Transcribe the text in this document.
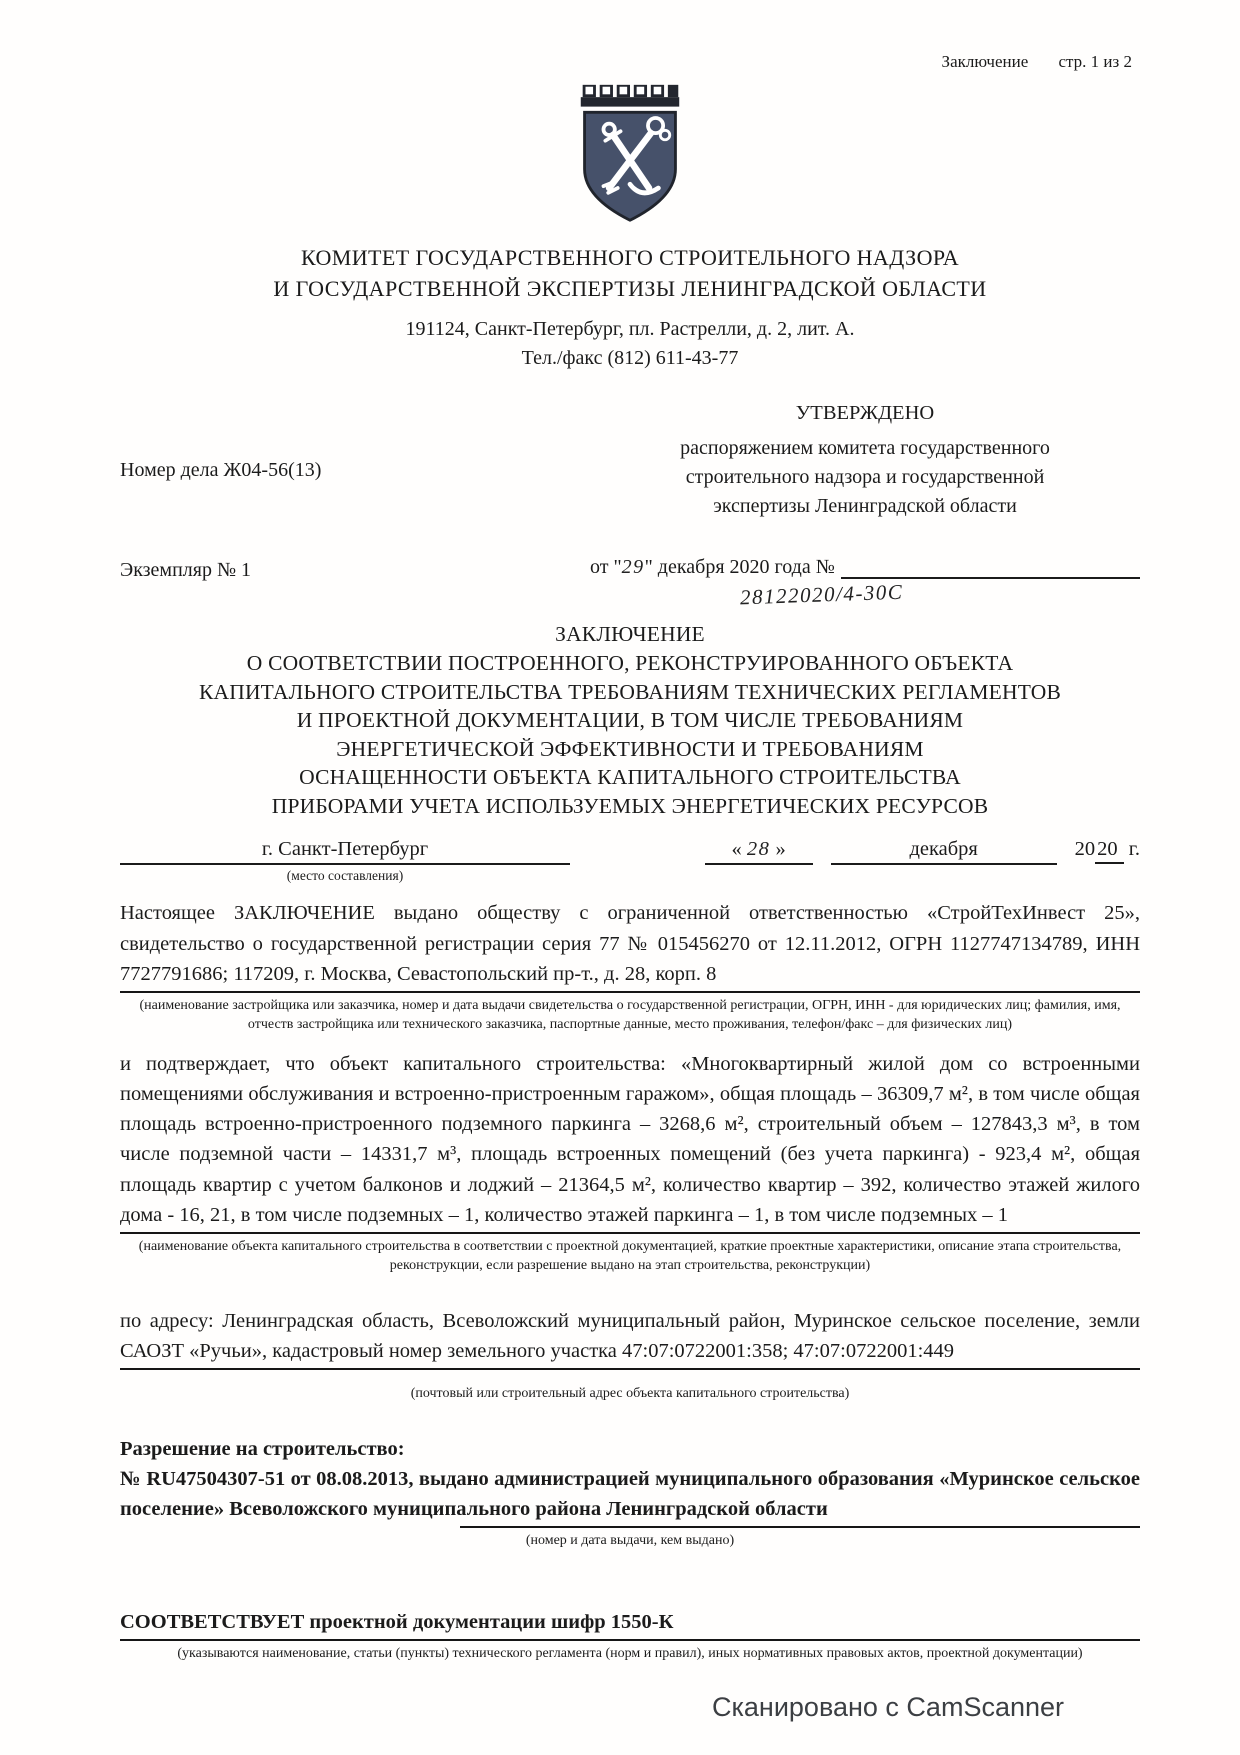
Заключение стр. 1 из 2
КОМИТЕТ ГОСУДАРСТВЕННОГО СТРОИТЕЛЬНОГО НАДЗОРА
И ГОСУДАРСТВЕННОЙ ЭКСПЕРТИЗЫ ЛЕНИНГРАДСКОЙ ОБЛАСТИ
191124, Санкт-Петербург, пл. Растрелли, д. 2, лит. А.
Тел./факс (812) 611-43-77
Номер дела Ж04-56(13)
УТВЕРЖДЕНО
распоряжением комитета государственного
строительного надзора и государственной
экспертизы Ленинградской области
Экземпляр № 1	от " 29 " декабря 2020 года №
28122020/4-30С
ЗАКЛЮЧЕНИЕ
О СООТВЕТСТВИИ ПОСТРОЕННОГО, РЕКОНСТРУИРОВАННОГО ОБЪЕКТА
КАПИТАЛЬНОГО СТРОИТЕЛЬСТВА ТРЕБОВАНИЯМ ТЕХНИЧЕСКИХ РЕГЛАМЕНТОВ
И ПРОЕКТНОЙ ДОКУМЕНТАЦИИ, В ТОМ ЧИСЛЕ ТРЕБОВАНИЯМ
ЭНЕРГЕТИЧЕСКОЙ ЭФФЕКТИВНОСТИ И ТРЕБОВАНИЯМ
ОСНАЩЕННОСТИ ОБЪЕКТА КАПИТАЛЬНОГО СТРОИТЕЛЬСТВА
ПРИБОРАМИ УЧЕТА ИСПОЛЬЗУЕМЫХ ЭНЕРГЕТИЧЕСКИХ РЕСУРСОВ
г. Санкт-Петербург
(место составления)
« 28 »	декабря	2020 г.

Настоящее ЗАКЛЮЧЕНИЕ выдано обществу с ограниченной ответственностью «СтройТехИнвест 25», свидетельство о государственной регистрации серия 77 № 015456270 от 12.11.2012, ОГРН 1127747134789, ИНН 7727791686; 117209, г. Москва, Севастопольский пр-т., д. 28, корп. 8

(наименование застройщика или заказчика, номер и дата выдачи свидетельства о государственной регистрации, ОГРН, ИНН - для юридических лиц; фамилия, имя, отчеств застройщика или технического заказчика, паспортные данные, место проживания, телефон/факс – для физических лиц)

и подтверждает, что объект капитального строительства: «Многоквартирный жилой дом со встроенными помещениями обслуживания и встроенно-пристроенным гаражом», общая площадь – 36309,7 м², в том числе общая площадь встроенно-пристроенного подземного паркинга – 3268,6 м², строительный объем – 127843,3 м³, в том числе подземной части – 14331,7 м³, площадь встроенных помещений (без учета паркинга) - 923,4 м², общая площадь квартир с учетом балконов и лоджий – 21364,5 м², количество квартир – 392, количество этажей жилого дома - 16, 21, в том числе подземных – 1, количество этажей паркинга – 1, в том числе подземных – 1

(наименование объекта капитального строительства в соответствии с проектной документацией, краткие проектные характеристики, описание этапа строительства, реконструкции, если разрешение выдано на этап строительства, реконструкции)

по адресу: Ленинградская область, Всеволожский муниципальный район, Муринское сельское поселение, земли САОЗТ «Ручьи», кадастровый номер земельного участка 47:07:0722001:358; 47:07:0722001:449

(почтовый или строительный адрес объекта капитального строительства)

Разрешение на строительство:

№ RU47504307-51 от 08.08.2013, выдано администрацией муниципального образования «Муринское сельское поселение» Всеволожского муниципального района Ленинградской области

(номер и дата выдачи, кем выдано)

СООТВЕТСТВУЕТ проектной документации шифр 1550-К

(указываются наименование, статьи (пункты) технического регламента (норм и правил), иных нормативных правовых актов, проектной документации)
Сканировано с CamScanner
